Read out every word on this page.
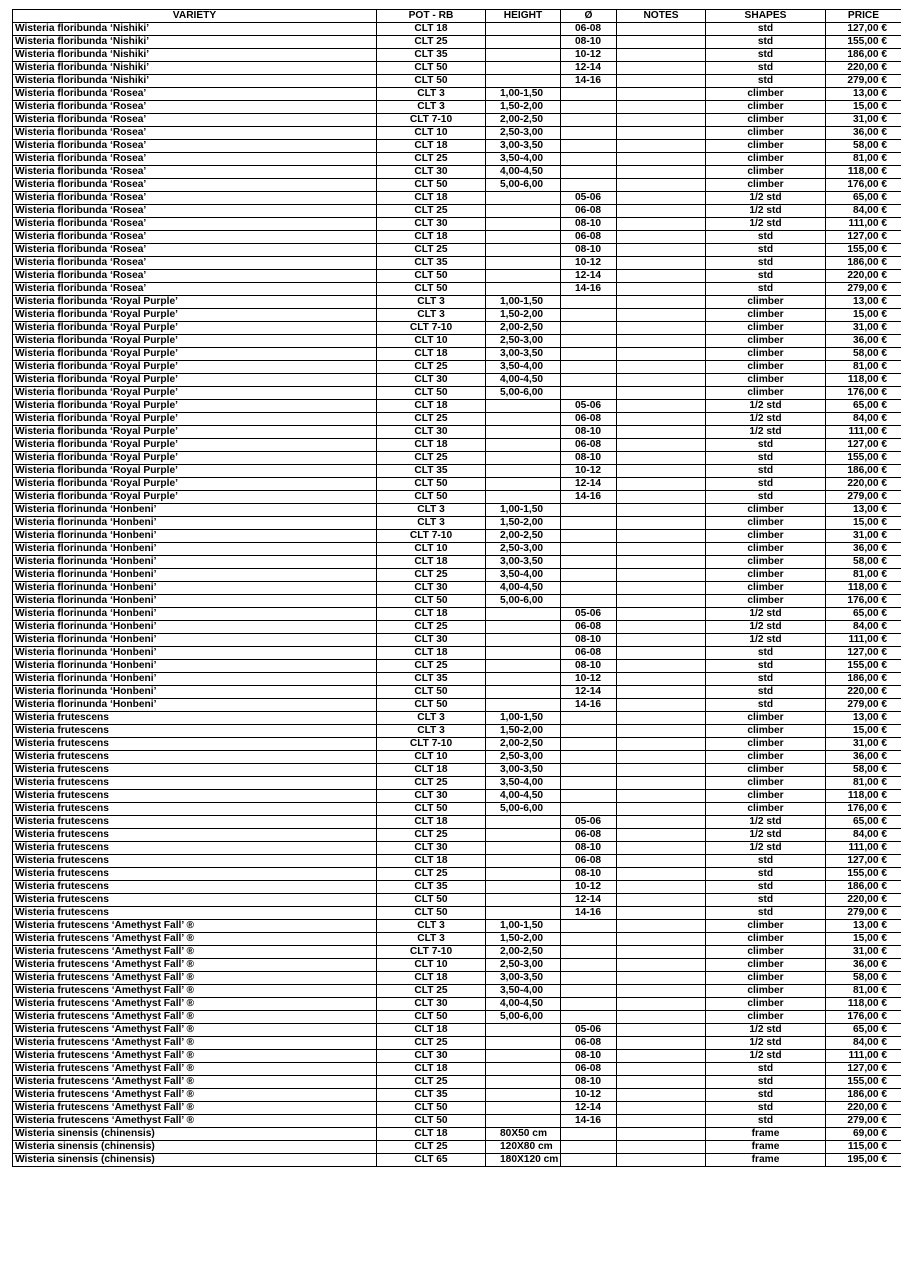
VARIETY	POT - RB	HEIGHT	Ø	NOTES	SHAPES	PRICE
Wisteria floribunda ‘Nishiki’	CLT 18		06-08		std	127,00 €
Wisteria floribunda ‘Nishiki’	CLT 25		08-10		std	155,00 €
Wisteria floribunda ‘Nishiki’	CLT 35		10-12		std	186,00 €
Wisteria floribunda ‘Nishiki’	CLT 50		12-14		std	220,00 €
Wisteria floribunda ‘Nishiki’	CLT 50		14-16		std	279,00 €
Wisteria floribunda ‘Rosea’	CLT 3	1,00-1,50			climber	13,00 €
Wisteria floribunda ‘Rosea’	CLT 3	1,50-2,00			climber	15,00 €
Wisteria floribunda ‘Rosea’	CLT 7-10	2,00-2,50			climber	31,00 €
Wisteria floribunda ‘Rosea’	CLT 10	2,50-3,00			climber	36,00 €
Wisteria floribunda ‘Rosea’	CLT 18	3,00-3,50			climber	58,00 €
Wisteria floribunda ‘Rosea’	CLT 25	3,50-4,00			climber	81,00 €
Wisteria floribunda ‘Rosea’	CLT 30	4,00-4,50			climber	118,00 €
Wisteria floribunda ‘Rosea’	CLT 50	5,00-6,00			climber	176,00 €
Wisteria floribunda ‘Rosea’	CLT 18		05-06		1/2 std	65,00 €
Wisteria floribunda ‘Rosea’	CLT 25		06-08		1/2 std	84,00 €
Wisteria floribunda ‘Rosea’	CLT 30		08-10		1/2 std	111,00 €
Wisteria floribunda ‘Rosea’	CLT 18		06-08		std	127,00 €
Wisteria floribunda ‘Rosea’	CLT 25		08-10		std	155,00 €
Wisteria floribunda ‘Rosea’	CLT 35		10-12		std	186,00 €
Wisteria floribunda ‘Rosea’	CLT 50		12-14		std	220,00 €
Wisteria floribunda ‘Rosea’	CLT 50		14-16		std	279,00 €
Wisteria floribunda ‘Royal Purple’	CLT 3	1,00-1,50			climber	13,00 €
Wisteria floribunda ‘Royal Purple’	CLT 3	1,50-2,00			climber	15,00 €
Wisteria floribunda ‘Royal Purple’	CLT 7-10	2,00-2,50			climber	31,00 €
Wisteria floribunda ‘Royal Purple’	CLT 10	2,50-3,00			climber	36,00 €
Wisteria floribunda ‘Royal Purple’	CLT 18	3,00-3,50			climber	58,00 €
Wisteria floribunda ‘Royal Purple’	CLT 25	3,50-4,00			climber	81,00 €
Wisteria floribunda ‘Royal Purple’	CLT 30	4,00-4,50			climber	118,00 €
Wisteria floribunda ‘Royal Purple’	CLT 50	5,00-6,00			climber	176,00 €
Wisteria floribunda ‘Royal Purple’	CLT 18		05-06		1/2 std	65,00 €
Wisteria floribunda ‘Royal Purple’	CLT 25		06-08		1/2 std	84,00 €
Wisteria floribunda ‘Royal Purple’	CLT 30		08-10		1/2 std	111,00 €
Wisteria floribunda ‘Royal Purple’	CLT 18		06-08		std	127,00 €
Wisteria floribunda ‘Royal Purple’	CLT 25		08-10		std	155,00 €
Wisteria floribunda ‘Royal Purple’	CLT 35		10-12		std	186,00 €
Wisteria floribunda ‘Royal Purple’	CLT 50		12-14		std	220,00 €
Wisteria floribunda ‘Royal Purple’	CLT 50		14-16		std	279,00 €
Wisteria florinunda ‘Honbeni’	CLT 3	1,00-1,50			climber	13,00 €
Wisteria florinunda ‘Honbeni’	CLT 3	1,50-2,00			climber	15,00 €
Wisteria florinunda ‘Honbeni’	CLT 7-10	2,00-2,50			climber	31,00 €
Wisteria florinunda ‘Honbeni’	CLT 10	2,50-3,00			climber	36,00 €
Wisteria florinunda ‘Honbeni’	CLT 18	3,00-3,50			climber	58,00 €
Wisteria florinunda ‘Honbeni’	CLT 25	3,50-4,00			climber	81,00 €
Wisteria florinunda ‘Honbeni’	CLT 30	4,00-4,50			climber	118,00 €
Wisteria florinunda ‘Honbeni’	CLT 50	5,00-6,00			climber	176,00 €
Wisteria florinunda ‘Honbeni’	CLT 18		05-06		1/2 std	65,00 €
Wisteria florinunda ‘Honbeni’	CLT 25		06-08		1/2 std	84,00 €
Wisteria florinunda ‘Honbeni’	CLT 30		08-10		1/2 std	111,00 €
Wisteria florinunda ‘Honbeni’	CLT 18		06-08		std	127,00 €
Wisteria florinunda ‘Honbeni’	CLT 25		08-10		std	155,00 €
Wisteria florinunda ‘Honbeni’	CLT 35		10-12		std	186,00 €
Wisteria florinunda ‘Honbeni’	CLT 50		12-14		std	220,00 €
Wisteria florinunda ‘Honbeni’	CLT 50		14-16		std	279,00 €
Wisteria frutescens	CLT 3	1,00-1,50			climber	13,00 €
Wisteria frutescens	CLT 3	1,50-2,00			climber	15,00 €
Wisteria frutescens	CLT 7-10	2,00-2,50			climber	31,00 €
Wisteria frutescens	CLT 10	2,50-3,00			climber	36,00 €
Wisteria frutescens	CLT 18	3,00-3,50			climber	58,00 €
Wisteria frutescens	CLT 25	3,50-4,00			climber	81,00 €
Wisteria frutescens	CLT 30	4,00-4,50			climber	118,00 €
Wisteria frutescens	CLT 50	5,00-6,00			climber	176,00 €
Wisteria frutescens	CLT 18		05-06		1/2 std	65,00 €
Wisteria frutescens	CLT 25		06-08		1/2 std	84,00 €
Wisteria frutescens	CLT 30		08-10		1/2 std	111,00 €
Wisteria frutescens	CLT 18		06-08		std	127,00 €
Wisteria frutescens	CLT 25		08-10		std	155,00 €
Wisteria frutescens	CLT 35		10-12		std	186,00 €
Wisteria frutescens	CLT 50		12-14		std	220,00 €
Wisteria frutescens	CLT 50		14-16		std	279,00 €
Wisteria frutescens ‘Amethyst Fall’ ®	CLT 3	1,00-1,50			climber	13,00 €
Wisteria frutescens ‘Amethyst Fall’ ®	CLT 3	1,50-2,00			climber	15,00 €
Wisteria frutescens ‘Amethyst Fall’ ®	CLT 7-10	2,00-2,50			climber	31,00 €
Wisteria frutescens ‘Amethyst Fall’ ®	CLT 10	2,50-3,00			climber	36,00 €
Wisteria frutescens ‘Amethyst Fall’ ®	CLT 18	3,00-3,50			climber	58,00 €
Wisteria frutescens ‘Amethyst Fall’ ®	CLT 25	3,50-4,00			climber	81,00 €
Wisteria frutescens ‘Amethyst Fall’ ®	CLT 30	4,00-4,50			climber	118,00 €
Wisteria frutescens ‘Amethyst Fall’ ®	CLT 50	5,00-6,00			climber	176,00 €
Wisteria frutescens ‘Amethyst Fall’ ®	CLT 18		05-06		1/2 std	65,00 €
Wisteria frutescens ‘Amethyst Fall’ ®	CLT 25		06-08		1/2 std	84,00 €
Wisteria frutescens ‘Amethyst Fall’ ®	CLT 30		08-10		1/2 std	111,00 €
Wisteria frutescens ‘Amethyst Fall’ ®	CLT 18		06-08		std	127,00 €
Wisteria frutescens ‘Amethyst Fall’ ®	CLT 25		08-10		std	155,00 €
Wisteria frutescens ‘Amethyst Fall’ ®	CLT 35		10-12		std	186,00 €
Wisteria frutescens ‘Amethyst Fall’ ®	CLT 50		12-14		std	220,00 €
Wisteria frutescens ‘Amethyst Fall’ ®	CLT 50		14-16		std	279,00 €
Wisteria sinensis (chinensis)	CLT 18	80X50 cm			frame	69,00 €
Wisteria sinensis (chinensis)	CLT 25	120X80 cm			frame	115,00 €
Wisteria sinensis (chinensis)	CLT 65	180X120 cm			frame	195,00 €
